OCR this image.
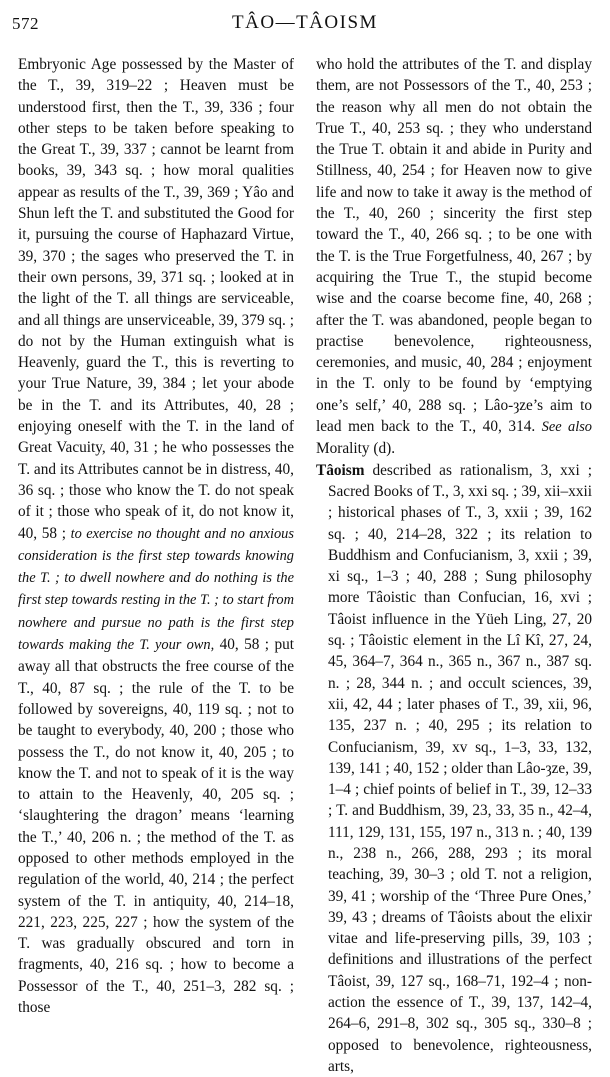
572	TÂO—TÂOISM

Embryonic Age possessed by the Master of the T., 39, 319–22 ; Heaven must be understood first, then the T., 39, 336 ; four other steps to be taken before speaking to the Great T., 39, 337 ; cannot be learnt from books, 39, 343 sq. ; how moral qualities appear as results of the T., 39, 369 ; Yâo and Shun left the T. and substituted the Good for it, pursuing the course of Haphazard Virtue, 39, 370 ; the sages who preserved the T. in their own persons, 39, 371 sq. ; looked at in the light of the T. all things are serviceable, and all things are unserviceable, 39, 379 sq. ; do not by the Human extinguish what is Heavenly, guard the T., this is reverting to your True Nature, 39, 384 ; let your abode be in the T. and its Attributes, 40, 28 ; enjoying oneself with the T. in the land of Great Vacuity, 40, 31 ; he who possesses the T. and its Attributes cannot be in distress, 40, 36 sq. ; those who know the T. do not speak of it ; those who speak of it, do not know it, 40, 58 ; to exercise no thought and no anxious consideration is the first step towards knowing the T. ; to dwell nowhere and do nothing is the first step towards resting in the T. ; to start from nowhere and pursue no path is the first step towards making the T. your own, 40, 58 ; put away all that obstructs the free course of the T., 40, 87 sq. ; the rule of the T. to be followed by sovereigns, 40, 119 sq. ; not to be taught to everybody, 40, 200 ; those who possess the T., do not know it, 40, 205 ; to know the T. and not to speak of it is the way to attain to the Heavenly, 40, 205 sq. ; ‘slaughtering the dragon’ means ‘learning the T.,’ 40, 206 n. ; the method of the T. as opposed to other methods employed in the regulation of the world, 40, 214 ; the perfect system of the T. in antiquity, 40, 214–18, 221, 223, 225, 227 ; how the system of the T. was gradually obscured and torn in fragments, 40, 216 sq. ; how to become a Possessor of the T., 40, 251–3, 282 sq. ; those

who hold the attributes of the T. and display them, are not Possessors of the T., 40, 253 ; the reason why all men do not obtain the True T., 40, 253 sq. ; they who understand the True T. obtain it and abide in Purity and Stillness, 40, 254 ; for Heaven now to give life and now to take it away is the method of the T., 40, 260 ; sincerity the first step toward the T., 40, 266 sq. ; to be one with the T. is the True Forgetfulness, 40, 267 ; by acquiring the True T., the stupid become wise and the coarse become fine, 40, 268 ; after the T. was abandoned, people began to practise benevolence, righteousness, ceremonies, and music, 40, 284 ; enjoyment in the T. only to be found by ‘emptying one’s self,’ 40, 288 sq. ; Lâo-ȝze’s aim to lead men back to the T., 40, 314. See also Morality (d).

Tâoism described as rationalism, 3, xxi ; Sacred Books of T., 3, xxi sq. ; 39, xii–xxii ; historical phases of T., 3, xxii ; 39, 162 sq. ; 40, 214–28, 322 ; its relation to Buddhism and Confucianism, 3, xxii ; 39, xi sq., 1–3 ; 40, 288 ; Sung philosophy more Tâoistic than Confucian, 16, xvi ; Tâoist influence in the Yüeh Ling, 27, 20 sq. ; Tâoistic element in the Lî Kî, 27, 24, 45, 364–7, 364 n., 365 n., 367 n., 387 sq. n. ; 28, 344 n. ; and occult sciences, 39, xii, 42, 44 ; later phases of T., 39, xii, 96, 135, 237 n. ; 40, 295 ; its relation to Confucianism, 39, xv sq., 1–3, 33, 132, 139, 141 ; 40, 152 ; older than Lâo-ȝze, 39, 1–4 ; chief points of belief in T., 39, 12–33 ; T. and Buddhism, 39, 23, 33, 35 n., 42–4, 111, 129, 131, 155, 197 n., 313 n. ; 40, 139 n., 238 n., 266, 288, 293 ; its moral teaching, 39, 30–3 ; old T. not a religion, 39, 41 ; worship of the ‘Three Pure Ones,’ 39, 43 ; dreams of Tâoists about the elixir vitae and life-preserving pills, 39, 103 ; definitions and illustrations of the perfect Tâoist, 39, 127 sq., 168–71, 192–4 ; non-action the essence of T., 39, 137, 142–4, 264–6, 291–8, 302 sq., 305 sq., 330–8 ; opposed to benevolence, righteousness, arts,
